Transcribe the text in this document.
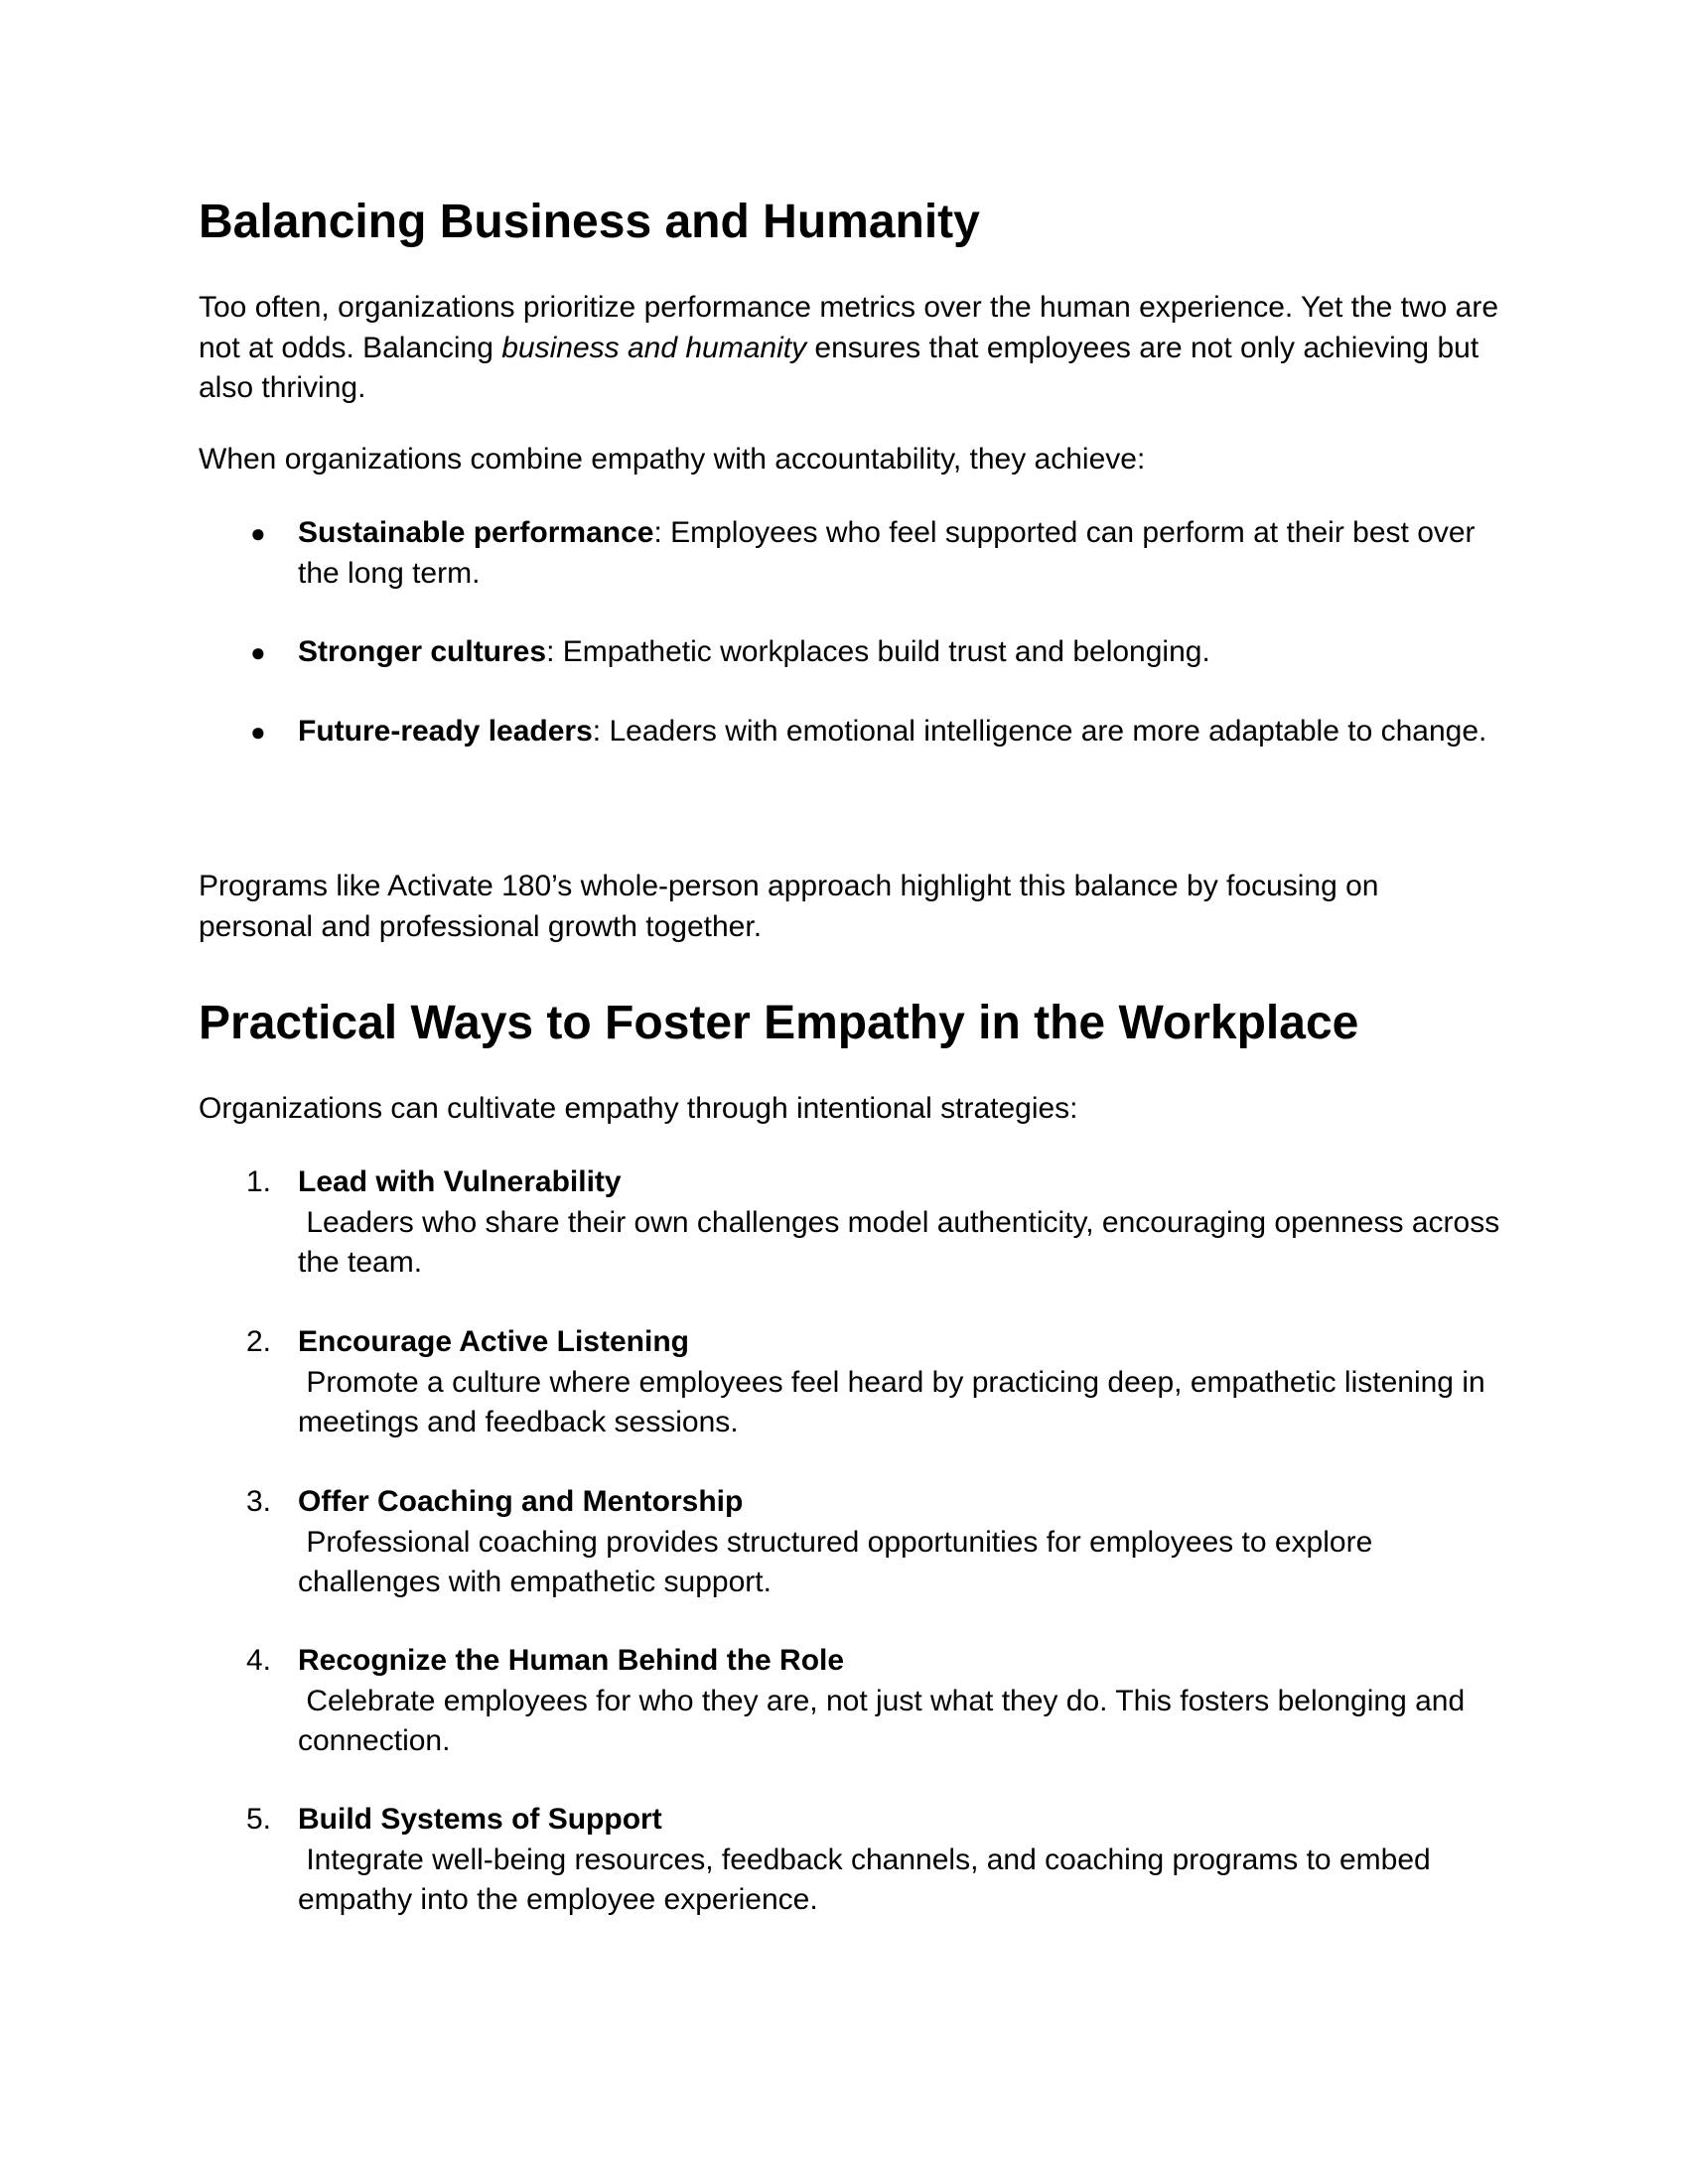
Balancing Business and Humanity

Too often, organizations prioritize performance metrics over the human experience. Yet the two are not at odds. Balancing business and humanity ensures that employees are not only achieving but also thriving.

When organizations combine empathy with accountability, they achieve:

●	Sustainable performance: Employees who feel supported can perform at their best over the long term.
●	Stronger cultures: Empathetic workplaces build trust and belonging.
●	Future-ready leaders: Leaders with emotional intelligence are more adaptable to change.

Programs like Activate 180’s whole-person approach highlight this balance by focusing on personal and professional growth together.

Practical Ways to Foster Empathy in the Workplace

Organizations can cultivate empathy through intentional strategies:

1. Lead with Vulnerability
Leaders who share their own challenges model authenticity, encouraging openness across the team.
2. Encourage Active Listening
Promote a culture where employees feel heard by practicing deep, empathetic listening in meetings and feedback sessions.
3. Offer Coaching and Mentorship
Professional coaching provides structured opportunities for employees to explore challenges with empathetic support.
4. Recognize the Human Behind the Role
Celebrate employees for who they are, not just what they do. This fosters belonging and connection.
5. Build Systems of Support
Integrate well-being resources, feedback channels, and coaching programs to embed empathy into the employee experience.
